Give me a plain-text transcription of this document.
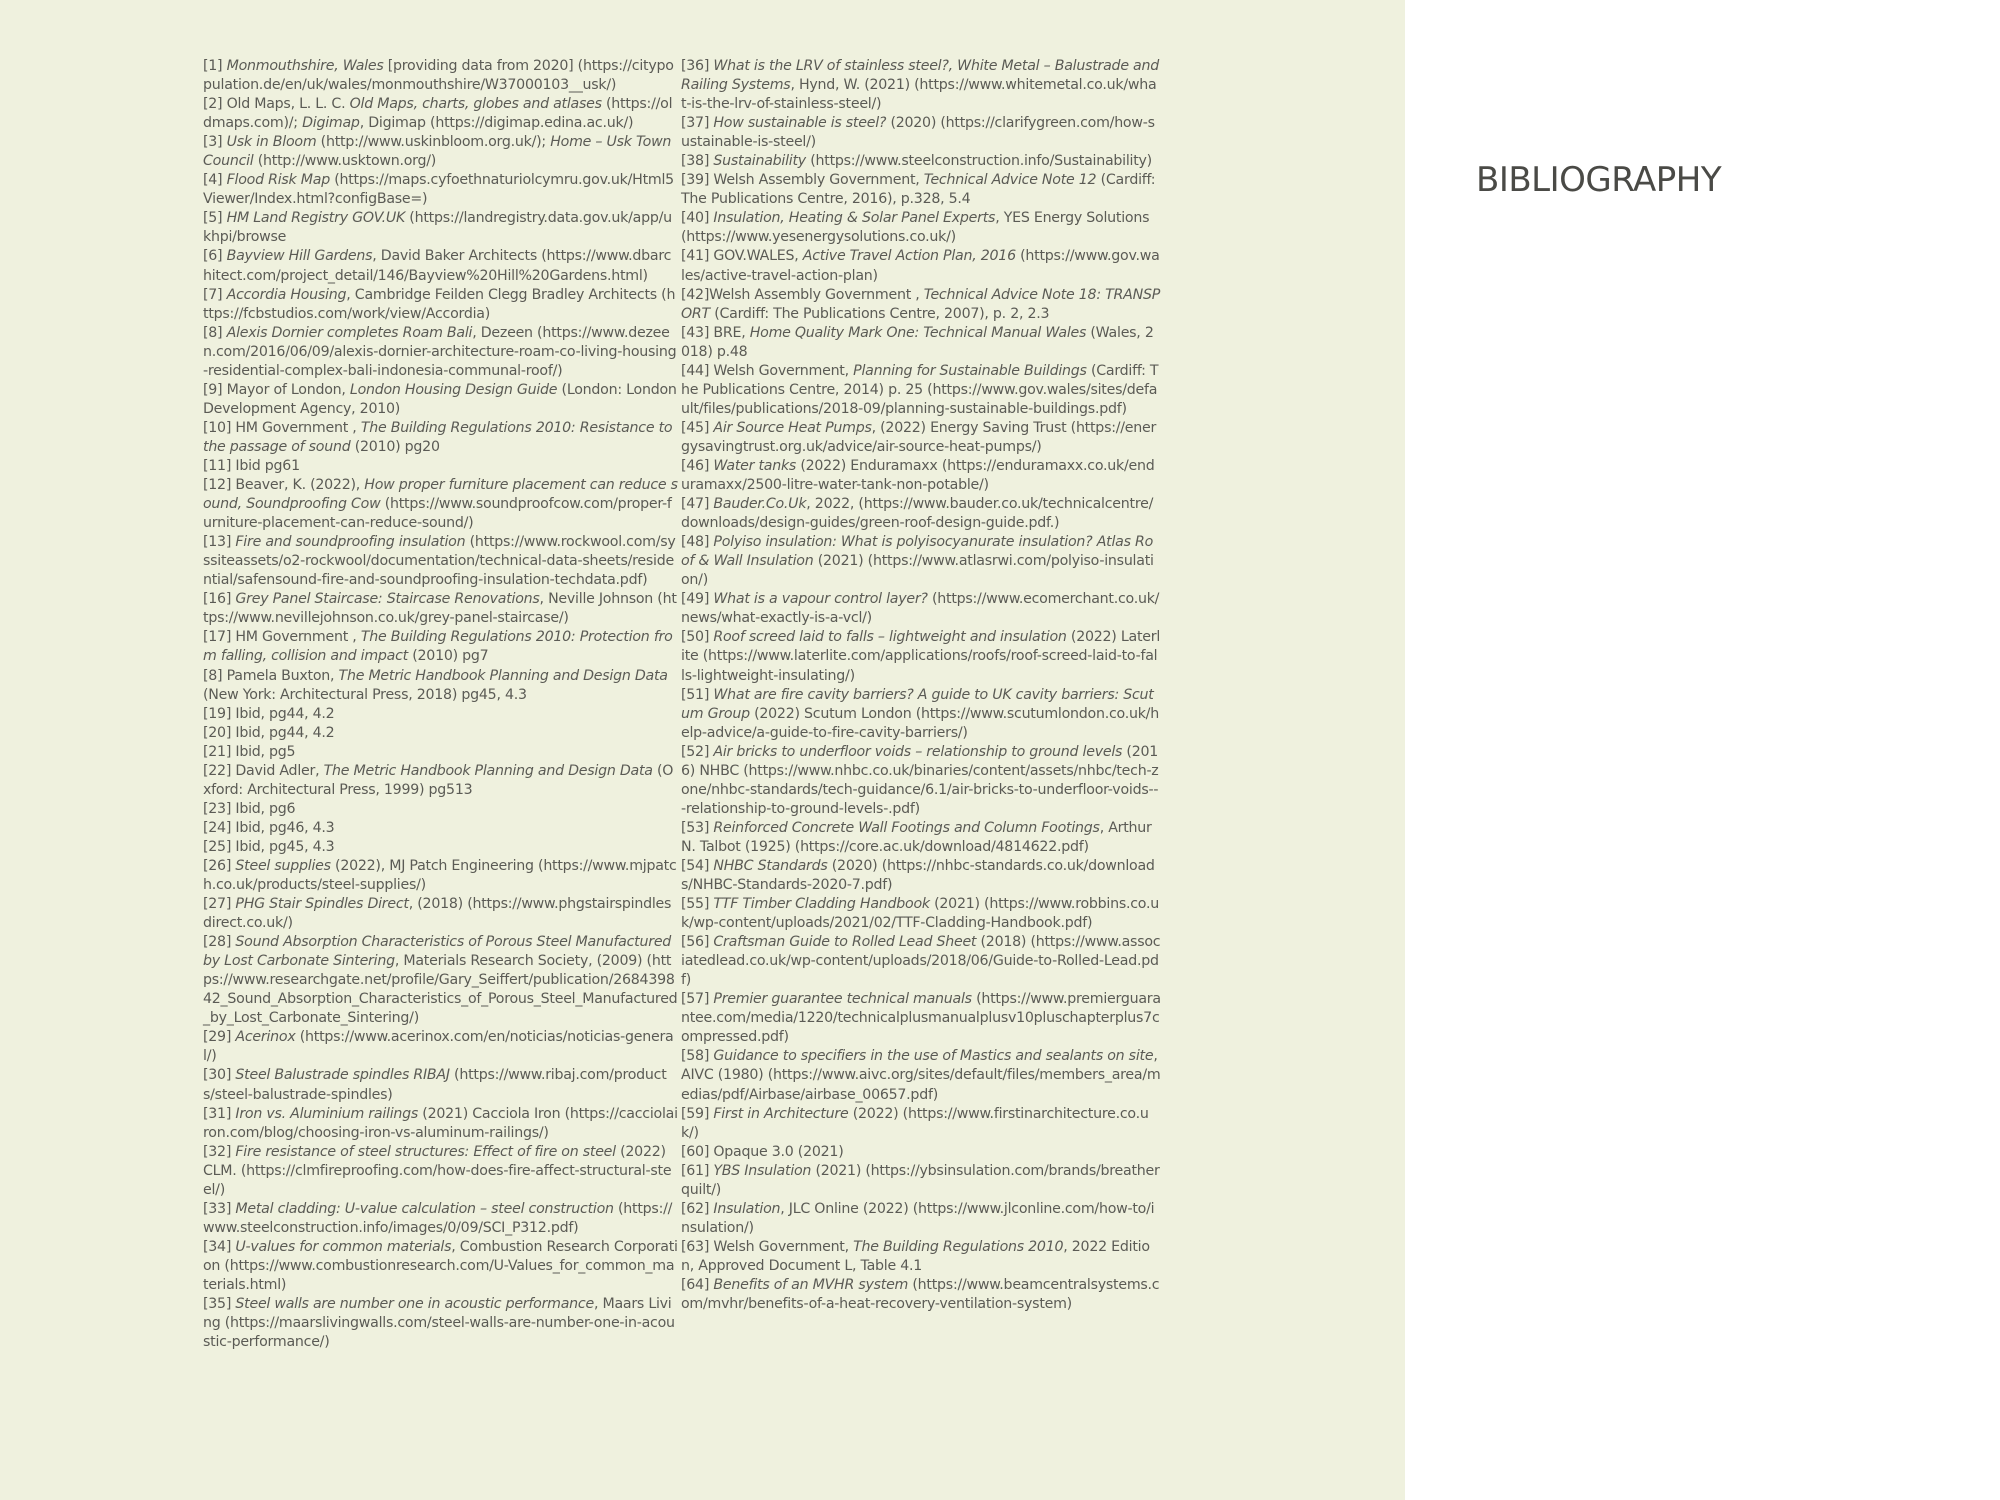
[1] Monmouthshire, Wales [providing data from 2020] (https://citypopulation.de/en/uk/wales/monmouthshire/W37000103__usk/)

[2] Old Maps, L. L. C. Old Maps, charts, globes and atlases (https://oldmaps.com)/; Digimap, Digimap (https://digimap.edina.ac.uk/)

[3] Usk in Bloom (http://www.uskinbloom.org.uk/); Home – Usk Town Council (http://www.usktown.org/)

[4] Flood Risk Map (https://maps.cyfoethnaturiolcymru.gov.uk/Html5Viewer/Index.html?configBase=)

[5] HM Land Registry GOV.UK (https://landregistry.data.gov.uk/app/ukhpi/browse

[6] Bayview Hill Gardens, David Baker Architects (https://www.dbarchitect.com/project_detail/146/Bayview%20Hill%20Gardens.html)

[7] Accordia Housing, Cambridge Feilden Clegg Bradley Architects (https://fcbstudios.com/work/view/Accordia)

[8] Alexis Dornier completes Roam Bali, Dezeen (https://www.dezeen.com/2016/06/09/alexis-dornier-architecture-roam-co-living-housing-residential-complex-bali-indonesia-communal-roof/)

[9] Mayor of London, London Housing Design Guide (London: London Development Agency, 2010)

[10] HM Government , The Building Regulations 2010: Resistance to the passage of sound (2010) pg20

[11] Ibid pg61

[12] Beaver, K. (2022), How proper furniture placement can reduce sound, Soundproofing Cow (https://www.soundproofcow.com/proper-furniture-placement-can-reduce-sound/)

[13] Fire and soundproofing insulation (https://www.rockwool.com/syssiteassets/o2-rockwool/documentation/technical-data-sheets/residential/safensound-fire-and-soundproofing-insulation-techdata.pdf)

[16] Grey Panel Staircase: Staircase Renovations, Neville Johnson (https://www.nevillejohnson.co.uk/grey-panel-staircase/)

[17] HM Government , The Building Regulations 2010: Protection from falling, collision and impact (2010) pg7

[8] Pamela Buxton, The Metric Handbook Planning and Design Data (New York: Architectural Press, 2018) pg45, 4.3

[19] Ibid, pg44, 4.2

[20] Ibid, pg44, 4.2

[21] Ibid, pg5

[22] David Adler, The Metric Handbook Planning and Design Data (Oxford: Architectural Press, 1999) pg513

[23] Ibid, pg6

[24] Ibid, pg46, 4.3

[25] Ibid, pg45, 4.3

[26] Steel supplies (2022), MJ Patch Engineering (https://www.mjpatch.co.uk/products/steel-supplies/)

[27] PHG Stair Spindles Direct, (2018) (https://www.phgstairspindlesdirect.co.uk/)

[28] Sound Absorption Characteristics of Porous Steel Manufactured by Lost Carbonate Sintering, Materials Research Society, (2009) (https://www.researchgate.net/profile/Gary_Seiffert/publication/268439842_Sound_Absorption_Characteristics_of_Porous_Steel_Manufactured_by_Lost_Carbonate_Sintering/)

[29] Acerinox (https://www.acerinox.com/en/noticias/noticias-general/)

[30] Steel Balustrade spindles RIBAJ (https://www.ribaj.com/products/steel-balustrade-spindles)

[31] Iron vs. Aluminium railings (2021) Cacciola Iron (https://cacciolairon.com/blog/choosing-iron-vs-aluminum-railings/)

[32] Fire resistance of steel structures: Effect of fire on steel (2022) CLM. (https://clmfireproofing.com/how-does-fire-affect-structural-steel/)

[33] Metal cladding: U-value calculation – steel construction (https://www.steelconstruction.info/images/0/09/SCI_P312.pdf)

[34] U-values for common materials, Combustion Research Corporation (https://www.combustionresearch.com/U-Values_for_common_materials.html)

[35] Steel walls are number one in acoustic performance, Maars Living (https://maarslivingwalls.com/steel-walls-are-number-one-in-acoustic-performance/)

[36] What is the LRV of stainless steel?, White Metal – Balustrade and Railing Systems, Hynd, W. (2021) (https://www.whitemetal.co.uk/what-is-the-lrv-of-stainless-steel/)

[37] How sustainable is steel? (2020) (https://clarifygreen.com/how-sustainable-is-steel/)

[38] Sustainability (https://www.steelconstruction.info/Sustainability)

[39] Welsh Assembly Government, Technical Advice Note 12 (Cardiff: The Publications Centre, 2016), p.328, 5.4

[40] Insulation, Heating & Solar Panel Experts, YES Energy Solutions (https://www.yesenergysolutions.co.uk/)

[41] GOV.WALES, Active Travel Action Plan, 2016 (https://www.gov.wales/active-travel-action-plan)

[42]Welsh Assembly Government , Technical Advice Note 18: TRANSPORT (Cardiff: The Publications Centre, 2007), p. 2, 2.3

[43] BRE, Home Quality Mark One: Technical Manual Wales (Wales, 2018) p.48

[44] Welsh Government, Planning for Sustainable Buildings (Cardiff: The Publications Centre, 2014) p. 25 (https://www.gov.wales/sites/default/files/publications/2018-09/planning-sustainable-buildings.pdf)

[45] Air Source Heat Pumps, (2022) Energy Saving Trust (https://energysavingtrust.org.uk/advice/air-source-heat-pumps/)

[46] Water tanks (2022) Enduramaxx (https://enduramaxx.co.uk/enduramaxx/2500-litre-water-tank-non-potable/)

[47] Bauder.Co.Uk, 2022, (https://www.bauder.co.uk/technicalcentre/downloads/design-guides/green-roof-design-guide.pdf.)

[48] Polyiso insulation: What is polyisocyanurate insulation? Atlas Roof & Wall Insulation (2021) (https://www.atlasrwi.com/polyiso-insulation/)

[49] What is a vapour control layer? (https://www.ecomerchant.co.uk/news/what-exactly-is-a-vcl/)

[50] Roof screed laid to falls – lightweight and insulation (2022) Laterlite (https://www.laterlite.com/applications/roofs/roof-screed-laid-to-falls-lightweight-insulating/)

[51] What are fire cavity barriers? A guide to UK cavity barriers: Scutum Group (2022) Scutum London (https://www.scutumlondon.co.uk/help-advice/a-guide-to-fire-cavity-barriers/)

[52] Air bricks to underfloor voids – relationship to ground levels (2016) NHBC (https://www.nhbc.co.uk/binaries/content/assets/nhbc/tech-zone/nhbc-standards/tech-guidance/6.1/air-bricks-to-underfloor-voids---relationship-to-ground-levels-.pdf)

[53] Reinforced Concrete Wall Footings and Column Footings, Arthur N. Talbot (1925) (https://core.ac.uk/download/4814622.pdf)

[54] NHBC Standards (2020) (https://nhbc-standards.co.uk/downloads/NHBC-Standards-2020-7.pdf)

[55] TTF Timber Cladding Handbook (2021) (https://www.robbins.co.uk/wp-content/uploads/2021/02/TTF-Cladding-Handbook.pdf)

[56] Craftsman Guide to Rolled Lead Sheet (2018) (https://www.associatedlead.co.uk/wp-content/uploads/2018/06/Guide-to-Rolled-Lead.pdf)

[57] Premier guarantee technical manuals (https://www.premierguarantee.com/media/1220/technicalplusmanualplusv10pluschapterplus7compressed.pdf)

[58] Guidance to specifiers in the use of Mastics and sealants on site, AIVC (1980) (https://www.aivc.org/sites/default/files/members_area/medias/pdf/Airbase/airbase_00657.pdf)

[59] First in Architecture (2022) (https://www.firstinarchitecture.co.uk/)

[60] Opaque 3.0 (2021)

[61] YBS Insulation (2021) (https://ybsinsulation.com/brands/breatherquilt/)

[62] Insulation, JLC Online (2022) (https://www.jlconline.com/how-to/insulation/)

[63] Welsh Government, The Building Regulations 2010, 2022 Edition, Approved Document L, Table 4.1

[64] Benefits of an MVHR system (https://www.beamcentralsystems.com/mvhr/benefits-of-a-heat-recovery-ventilation-system)

BIBLIOGRAPHY
